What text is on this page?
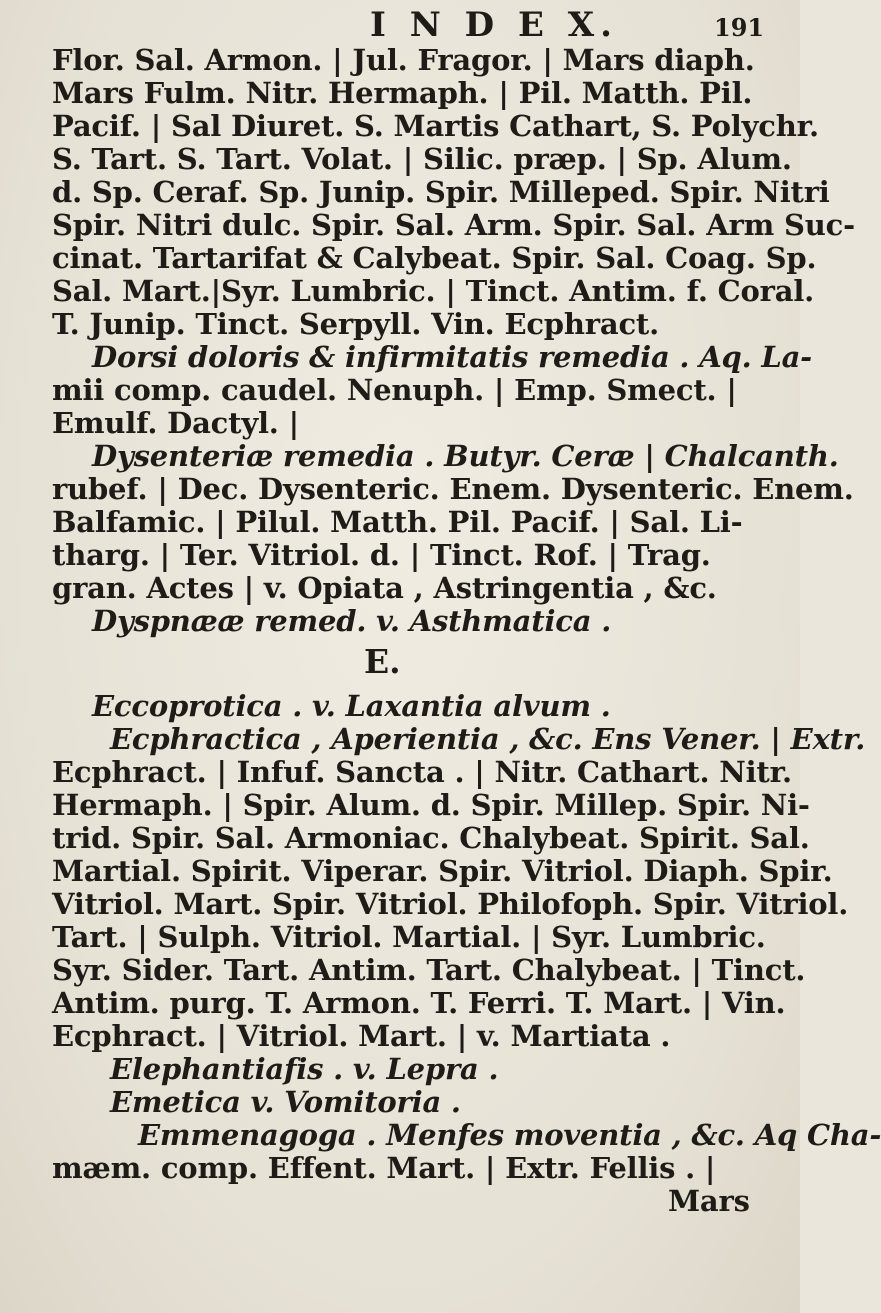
I N D E X.	191
Flor. Sal. Armon. | Jul. Fragor. | Mars diaph.
Mars Fulm. Nitr. Hermaph. | Pil. Matth. Pil.
Pacif. | Sal Diuret. S. Martis Cathart, S. Polychr.
S. Tart. S. Tart. Volat. | Silic. præp. | Sp. Alum.
d. Sp. Ceraf. Sp. Junip. Spir. Milleped. Spir. Nitri
Spir. Nitri dulc. Spir. Sal. Arm. Spir. Sal. Arm Suc-
cinat. Tartarifat & Calybeat. Spir. Sal. Coag. Sp.
Sal. Mart.|Syr. Lumbric. | Tinct. Antim. f. Coral.
T. Junip. Tinct. Serpyll. Vin. Ecphract.
Dorsi doloris & infirmitatis remedia . Aq. La-
mii comp. caudel. Nenuph. | Emp. Smect. |
Emulf. Dactyl. |
Dysenteriæ remedia . Butyr. Ceræ | Chalcanth.
rubef. | Dec. Dysenteric. Enem. Dysenteric. Enem.
Balfamic. | Pilul. Matth. Pil. Pacif. | Sal. Li-
tharg. | Ter. Vitriol. d. | Tinct. Rof. | Trag.
gran. Actes | v. Opiata , Astringentia , &c.
Dyspnææ remed. v. Asthmatica .
E.
Eccoprotica . v. Laxantia alvum .
Ecphractica , Aperientia , &c. Ens Vener. | Extr.
Ecphract. | Infuf. Sancta . | Nitr. Cathart. Nitr.
Hermaph. | Spir. Alum. d. Spir. Millep. Spir. Ni-
trid. Spir. Sal. Armoniac. Chalybeat. Spirit. Sal.
Martial. Spirit. Viperar. Spir. Vitriol. Diaph. Spir.
Vitriol. Mart. Spir. Vitriol. Philofoph. Spir. Vitriol.
Tart. | Sulph. Vitriol. Martial. | Syr. Lumbric.
Syr. Sider. Tart. Antim. Tart. Chalybeat. | Tinct.
Antim. purg. T. Armon. T. Ferri. T. Mart. | Vin.
Ecphract. | Vitriol. Mart. | v. Martiata .
Elephantiafis . v. Lepra .
Emetica v. Vomitoria .
Emmenagoga . Menfes moventia , &c. Aq Cha-
mæm. comp. Effent. Mart. | Extr. Fellis . |
Mars
